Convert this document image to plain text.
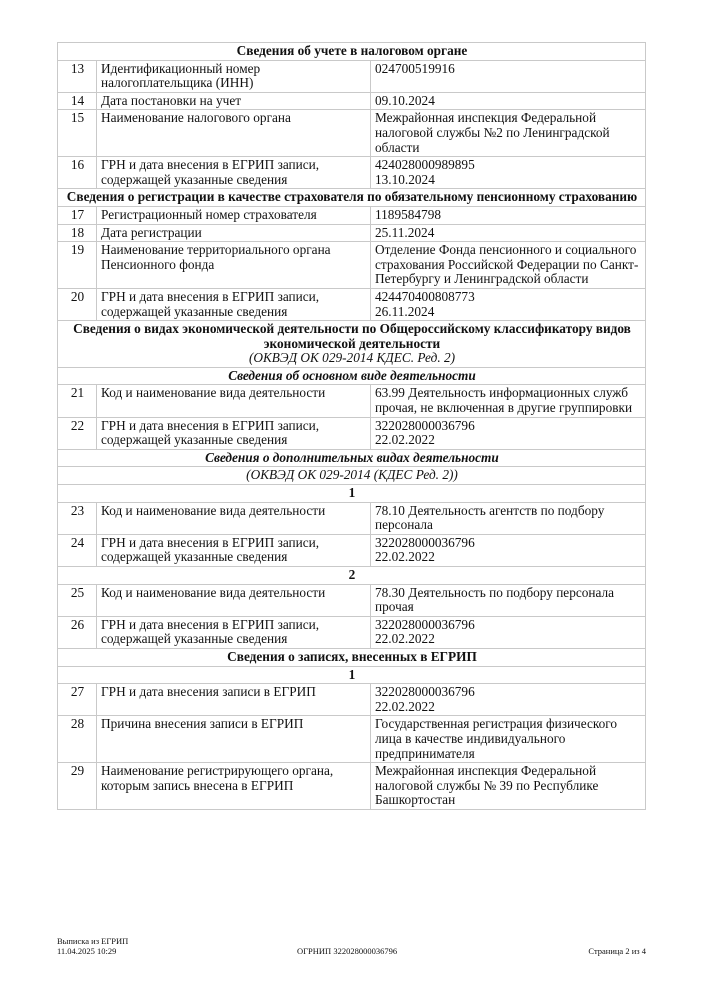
Сведения об учете в налоговом органе		
13	Идентификационный номер налогоплательщика (ИНН)	024700519916
14	Дата постановки на учет	09.10.2024
15	Наименование налогового органа	Межрайонная инспекция Федеральной налоговой службы №2 по Ленинградской области
16	ГРН и дата внесения в ЕГРИП записи, содержащей указанные сведения	424028000989895
13.10.2024

Сведения о регистрации в качестве страхователя по обязательному пенсионному страхованию		
17	Регистрационный номер страхователя	1189584798
18	Дата регистрации	25.11.2024
19	Наименование территориального органа Пенсионного фонда	Отделение Фонда пенсионного и социального страхования Российской Федерации по Санкт-Петербургу и Ленинградской области
20	ГРН и дата внесения в ЕГРИП записи, содержащей указанные сведения	424470400808773
26.11.2024

Сведения о видах экономической деятельности по Общероссийскому классификатору видов экономической деятельности
(ОКВЭД ОК 029-2014 КДЕС. Ред. 2)		

Сведения об основном виде деятельности		
21	Код и наименование вида деятельности	63.99 Деятельность информационных служб прочая, не включенная в другие группировки
22	ГРН и дата внесения в ЕГРИП записи, содержащей указанные сведения	322028000036796
22.02.2022

Сведения о дополнительных видах деятельности		
(ОКВЭД ОК 029-2014 (КДЕС Ред. 2))		
1		
23	Код и наименование вида деятельности	78.10 Деятельность агентств по подбору персонала
24	ГРН и дата внесения в ЕГРИП записи, содержащей указанные сведения	322028000036796
22.02.2022

2		
25	Код и наименование вида деятельности	78.30 Деятельность по подбору персонала прочая
26	ГРН и дата внесения в ЕГРИП записи, содержащей указанные сведения	322028000036796
22.02.2022

Сведения о записях, внесенных в ЕГРИП		
1		
27	ГРН и дата внесения записи в ЕГРИП	322028000036796
22.02.2022

28	Причина внесения записи в ЕГРИП	Государственная регистрация физического лица в качестве индивидуального предпринимателя
29	Наименование регистрирующего органа, которым запись внесена в ЕГРИП	Межрайонная инспекция Федеральной налоговой службы № 39 по Республике Башкортостан
Выписка из ЕГРИП
11.04.2025 10:29	ОГРНИП 322028000036796	Страница 2 из 4
